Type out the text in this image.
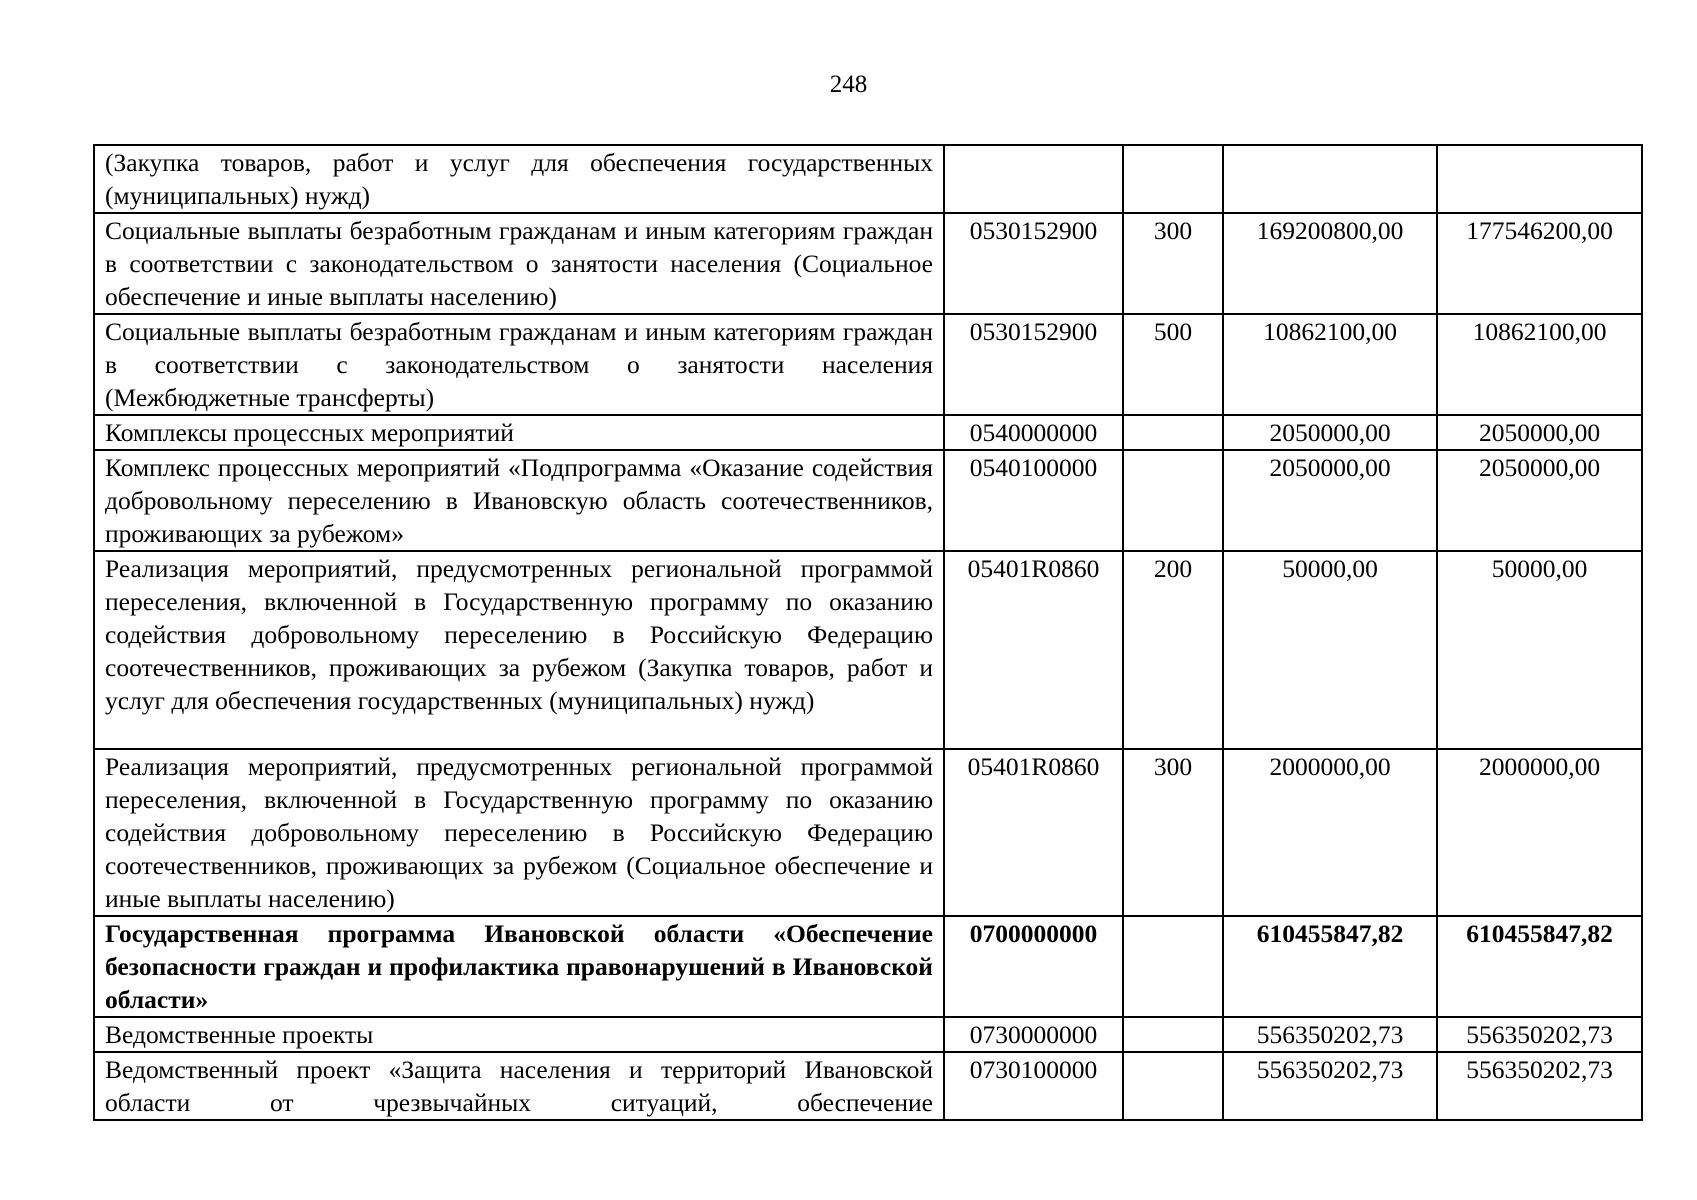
248
(Закупка товаров, работ и услуг для обеспечения государственных (муниципальных) нужд)				
Социальные выплаты безработным гражданам и иным категориям граждан в соответствии с законодательством о занятости населения (Социальное обеспечение и иные выплаты населению)	0530152900	300	169200800,00	177546200,00
Социальные выплаты безработным гражданам и иным категориям граждан в соответствии с законодательством о занятости населения (Межбюджетные трансферты)	0530152900	500	10862100,00	10862100,00
Комплексы процессных мероприятий	0540000000		2050000,00	2050000,00
Комплекс процессных мероприятий «Подпрограмма «Оказание содействия добровольному переселению в Ивановскую область соотечественников, проживающих за рубежом»	0540100000		2050000,00	2050000,00
Реализация мероприятий, предусмотренных региональной программой переселения, включенной в Государственную программу по оказанию содействия добровольному переселению в Российскую Федерацию соотечественников, проживающих за рубежом (Закупка товаров, работ и услуг для обеспечения государственных (муниципальных) нужд)	05401R0860	200	50000,00	50000,00
Реализация мероприятий, предусмотренных региональной программой переселения, включенной в Государственную программу по оказанию содействия добровольному переселению в Российскую Федерацию соотечественников, проживающих за рубежом (Социальное обеспечение и иные выплаты населению)	05401R0860	300	2000000,00	2000000,00
Государственная программа Ивановской области «Обеспечение безопасности граждан и профилактика правонарушений в Ивановской области»	0700000000		610455847,82	610455847,82
Ведомственные проекты	0730000000		556350202,73	556350202,73
Ведомственный проект «Защита населения и территорий Ивановской области от чрезвычайных ситуаций, обеспечение	0730100000		556350202,73	556350202,73
